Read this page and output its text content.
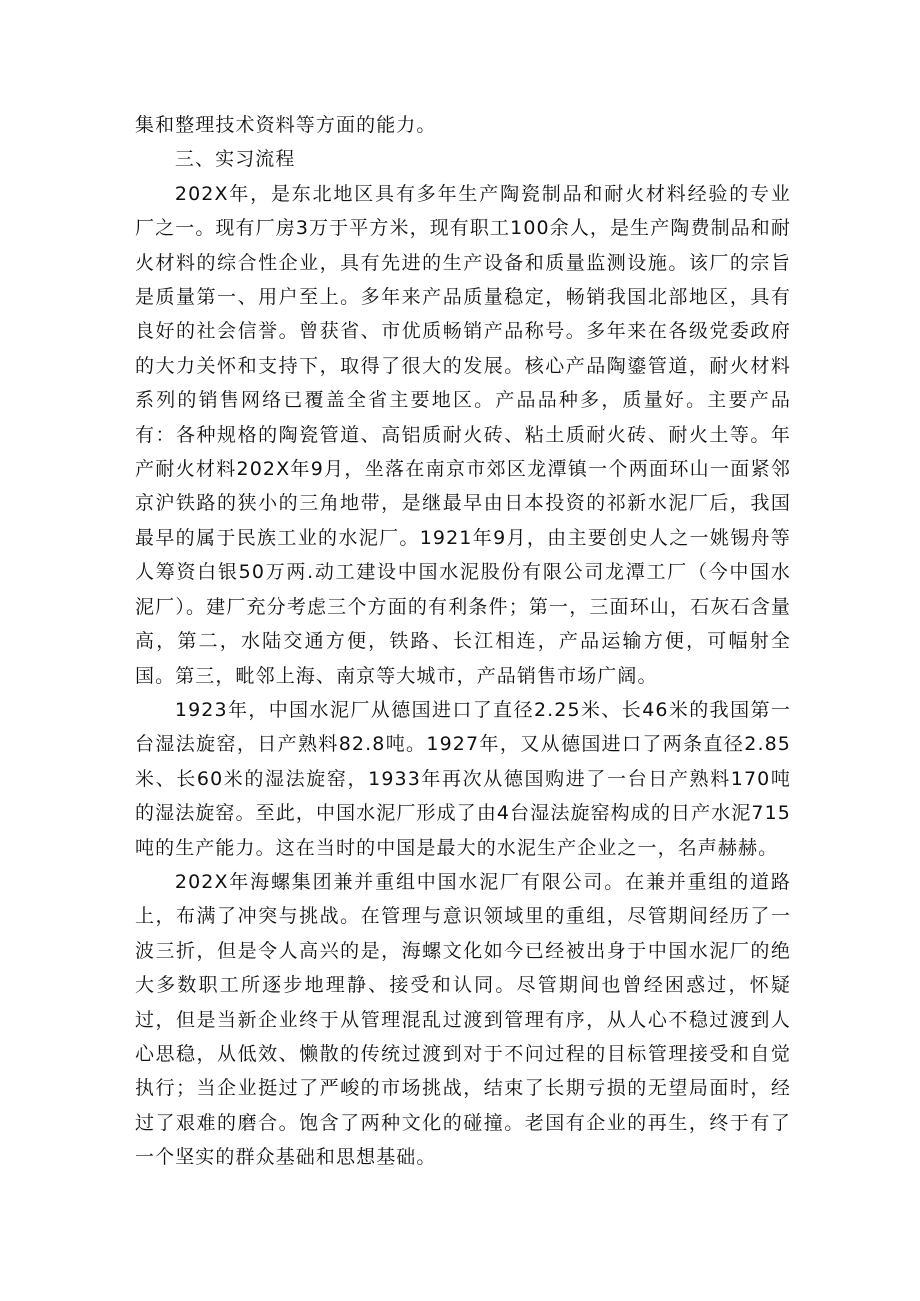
集和整理技术资料等方面的能力。

三、实习流程

202X年，是东北地区具有多年生产陶瓷制品和耐火材料经验的专业厂之一。现有厂房3万于平方米，现有职工100余人，是生产陶费制品和耐火材料的综合性企业，具有先进的生产设备和质量监测设施。该厂的宗旨是质量第一、用户至上。多年来产品质量稳定，畅销我国北部地区，具有良好的社会信誉。曾获省、市优质畅销产品称号。多年来在各级党委政府的大力关怀和支持下，取得了很大的发展。核心产品陶鎏管道，耐火材料系列的销售网络已覆盖全省主要地区。产品品种多，质量好。主要产品有：各种规格的陶瓷管道、高铝质耐火砖、粘土质耐火砖、耐火土等。年产耐火材料202X年9月，坐落在南京市郊区龙潭镇一个两面环山一面紧邻京沪铁路的狭小的三角地带，是继最早由日本投资的祁新水泥厂后，我国最早的属于民族工业的水泥厂。1921年9月，由主要创史人之一姚锡舟等人筹资白银50万两.动工建设中国水泥股份有限公司龙潭工厂（今中国水泥厂）。建厂充分考虑三个方面的有利条件；第一，三面环山，石灰石含量高，第二，水陆交通方便，铁路、长江相连，产品运输方便，可幅射全国。第三，毗邻上海、南京等大城市，产品销售市场广阔。

1923年，中国水泥厂从德国进口了直径2.25米、长46米的我国第一台湿法旋窑，日产熟料82.8吨。1927年，又从德国进口了两条直径2.85米、长60米的湿法旋窑，1933年再次从德国购进了一台日产熟料170吨的湿法旋窑。至此，中国水泥厂形成了由4台湿法旋窑构成的日产水泥715吨的生产能力。这在当时的中国是最大的水泥生产企业之一，名声赫赫。

202X年海螺集团兼并重组中国水泥厂有限公司。在兼并重组的道路上，布满了冲突与挑战。在管理与意识领域里的重组，尽管期间经历了一波三折，但是令人高兴的是，海螺文化如今已经被出身于中国水泥厂的绝大多数职工所逐步地理静、接受和认同。尽管期间也曾经困惑过，怀疑过，但是当新企业终于从管理混乱过渡到管理有序，从人心不稳过渡到人心思稳，从低效、懒散的传统过渡到对于不问过程的目标管理接受和自觉执行；当企业挺过了严峻的市场挑战，结束了长期亏损的无望局面时，经过了艰难的磨合。饱含了两种文化的碰撞。老国有企业的再生，终于有了一个坚实的群众基础和思想基础。
